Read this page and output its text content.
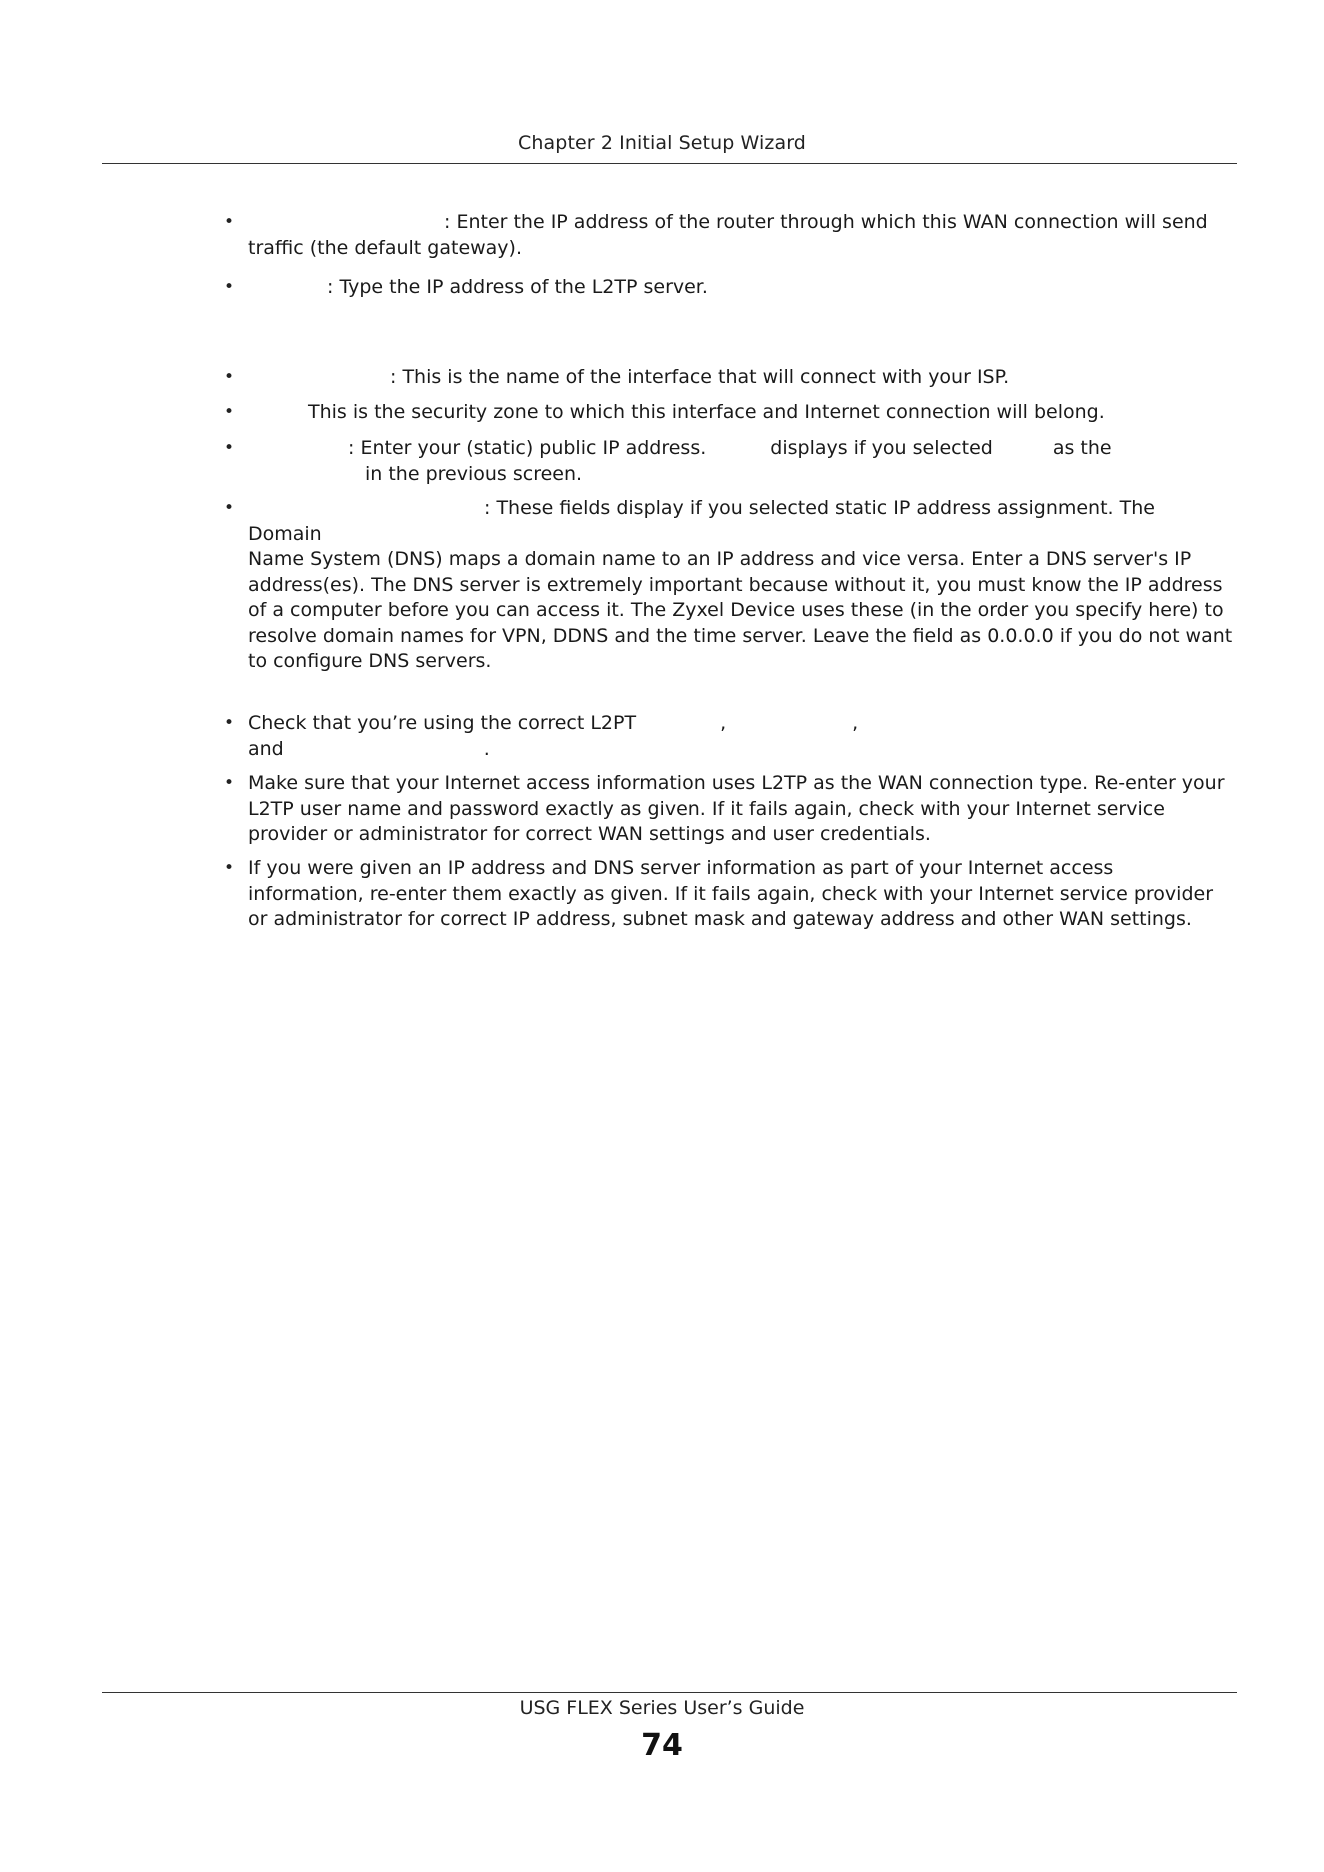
Chapter 2 Initial Setup Wizard
•	: Enter the IP address of the router through which this WAN connection will send
traffic (the default gateway).
•	: Type the IP address of the L2TP server.
•	: This is the name of the interface that will connect with your ISP.
•	This is the security zone to which this interface and Internet connection will belong.
•	: Enter your (static) public IP address.	displays if you selected	as the
in the previous screen.
•	: These fields display if you selected static IP address assignment. The Domain
Name System (DNS) maps a domain name to an IP address and vice versa. Enter a DNS server's IP
address(es). The DNS server is extremely important because without it, you must know the IP address
of a computer before you can access it. The Zyxel Device uses these (in the order you specify here) to
resolve domain names for VPN, DDNS and the time server. Leave the field as 0.0.0.0 if you do not want
to configure DNS servers.
• Check that you’re using the correct L2PT	,	,
and	.
• Make sure that your Internet access information uses L2TP as the WAN connection type. Re-enter your
L2TP user name and password exactly as given. If it fails again, check with your Internet service
provider or administrator for correct WAN settings and user credentials.
• If you were given an IP address and DNS server information as part of your Internet access
information, re-enter them exactly as given. If it fails again, check with your Internet service provider
or administrator for correct IP address, subnet mask and gateway address and other WAN settings.
USG FLEX Series User’s Guide
74
